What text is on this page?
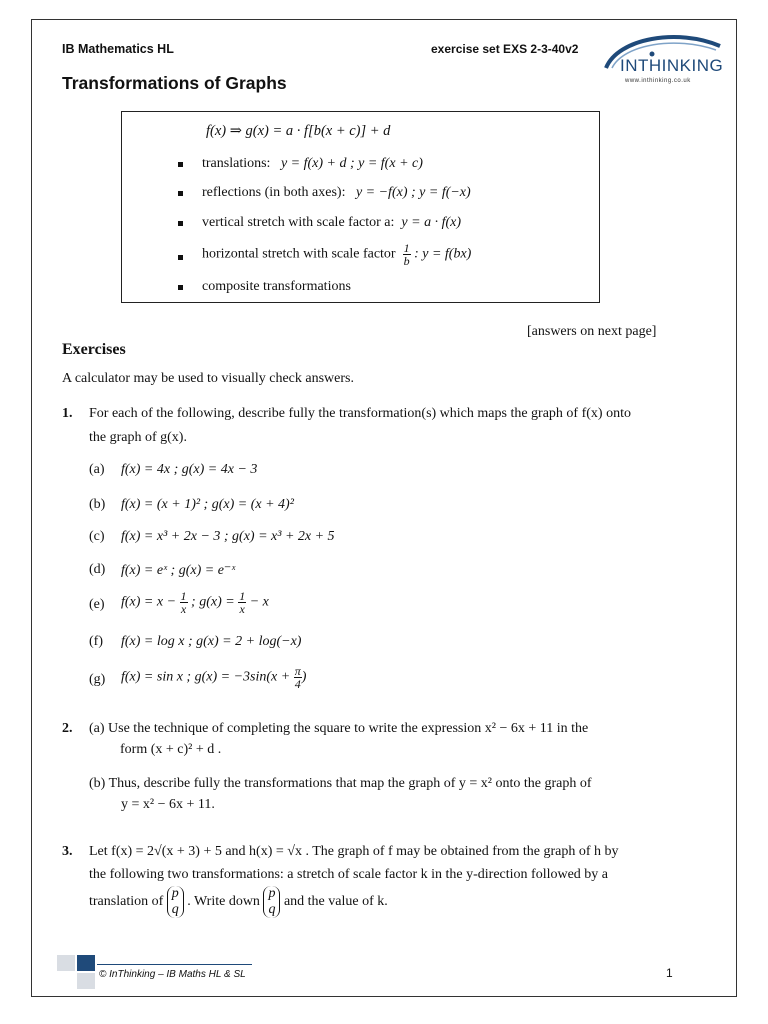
IB Mathematics HL	exercise set EXS 2-3-40v2
INTHINKING
www.inthinking.co.uk
Transformations of Graphs
f(x) ⇒ g(x) = a · f[b(x + c)] + d
translations: y = f(x) + d ; y = f(x + c)
reflections (in both axes): y = −f(x) ; y = f(−x)
vertical stretch with scale factor a: y = a · f(x)
horizontal stretch with scale factor $\frac{1}{b}$ : y = f(bx)
composite transformations
[answers on next page]
Exercises
A calculator may be used to visually check answers.
1. For each of the following, describe fully the transformation(s) which maps the graph of f(x) onto
the graph of g(x).
(a) f(x) = 4x ; g(x) = 4x − 3
(b) f(x) = (x + 1)² ; g(x) = (x + 4)²
(c) f(x) = x³ + 2x − 3 ; g(x) = x³ + 2x + 5
(d) f(x) = eˣ ; g(x) = e⁻ˣ
(e) $f(x) = x - \frac{1}{x}$ ; $g(x) = \frac{1}{x} - x$
(f) f(x) = log x ; g(x) = 2 + log(−x)
(g) f(x) = sin x ; $g(x) = -3\sin(x + \frac{\pi}{4}$ )
2. (a) Use the technique of completing the square to write the expression x² − 6x + 11 in the
form (x + c)² + d .
(b) Thus, describe fully the transformations that map the graph of y = x² onto the graph of
y = x² − 6x + 11.
3. Let f(x) = 2√(x + 3) + 5 and h(x) = √x . The graph of f may be obtained from the graph of h by
the following two transformations: a stretch of scale factor k in the y-direction followed by a
translation of
p
q
. Write down
p
q
and the value of k.
© InThinking – IB Maths HL & SL	1
